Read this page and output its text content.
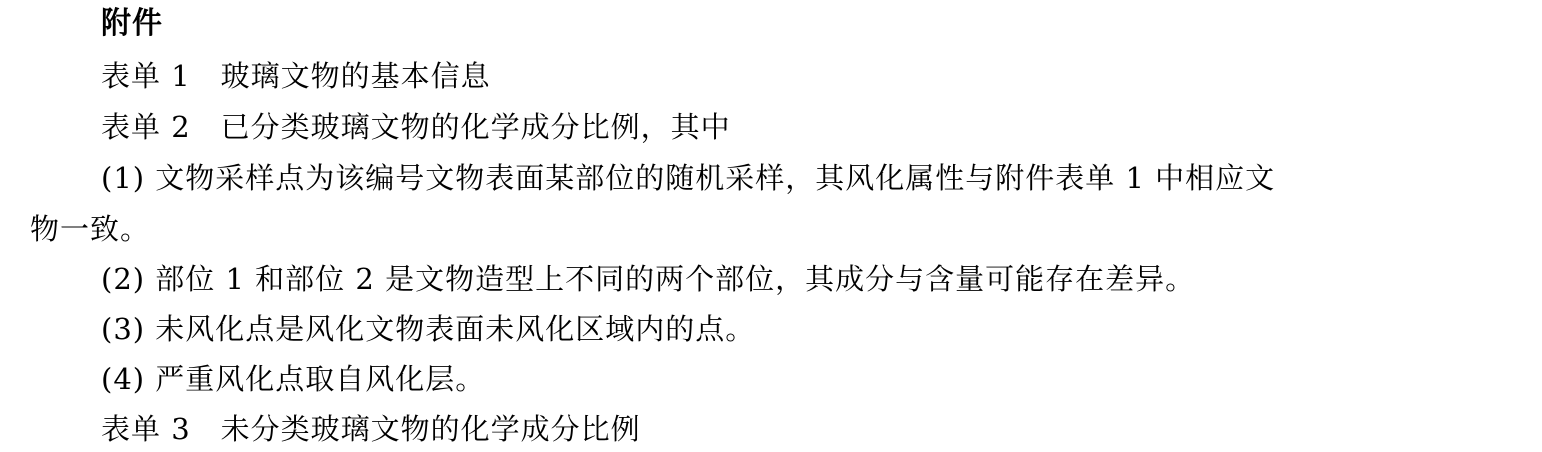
附件
表单 1　玻璃文物的基本信息
表单 2　已分类玻璃文物的化学成分比例，其中
(1) 文物采样点为该编号文物表面某部位的随机采样，其风化属性与附件表单 1 中相应文
物一致。
(2) 部位 1 和部位 2 是文物造型上不同的两个部位，其成分与含量可能存在差异。
(3) 未风化点是风化文物表面未风化区域内的点。
(4) 严重风化点取自风化层。
表单 3　未分类玻璃文物的化学成分比例
